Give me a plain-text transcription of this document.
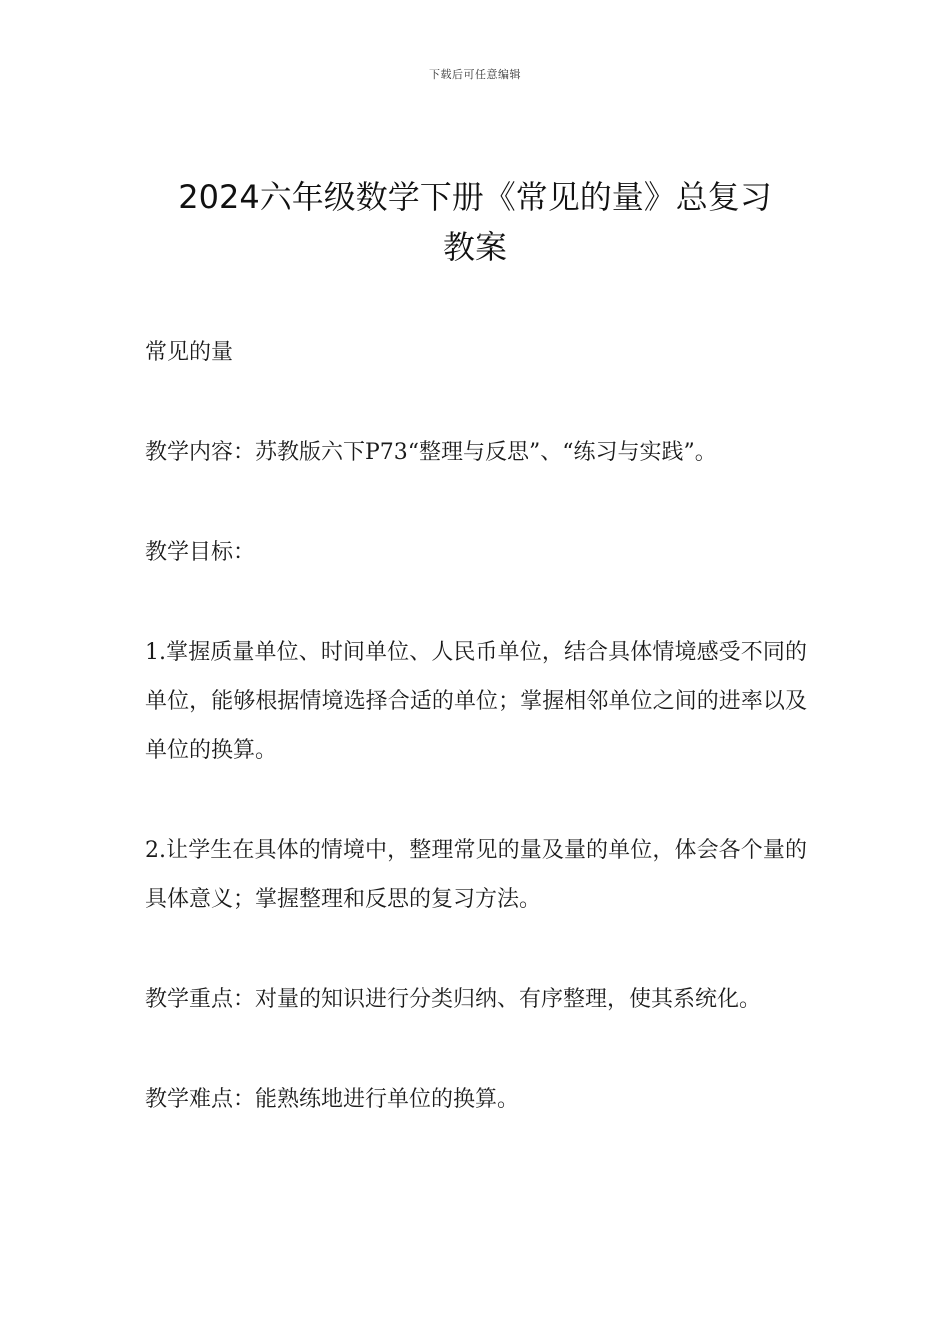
下载后可任意编辑
2024六年级数学下册《常见的量》总复习
教案

常见的量

教学内容：苏教版六下P73“整理与反思”、“练习与实践”。

教学目标：

1.掌握质量单位、时间单位、人民币单位，结合具体情境感受不同的单位，能够根据情境选择合适的单位；掌握相邻单位之间的进率以及单位的换算。

2.让学生在具体的情境中，整理常见的量及量的单位，体会各个量的具体意义；掌握整理和反思的复习方法。

教学重点：对量的知识进行分类归纳、有序整理，使其系统化。

教学难点：能熟练地进行单位的换算。
